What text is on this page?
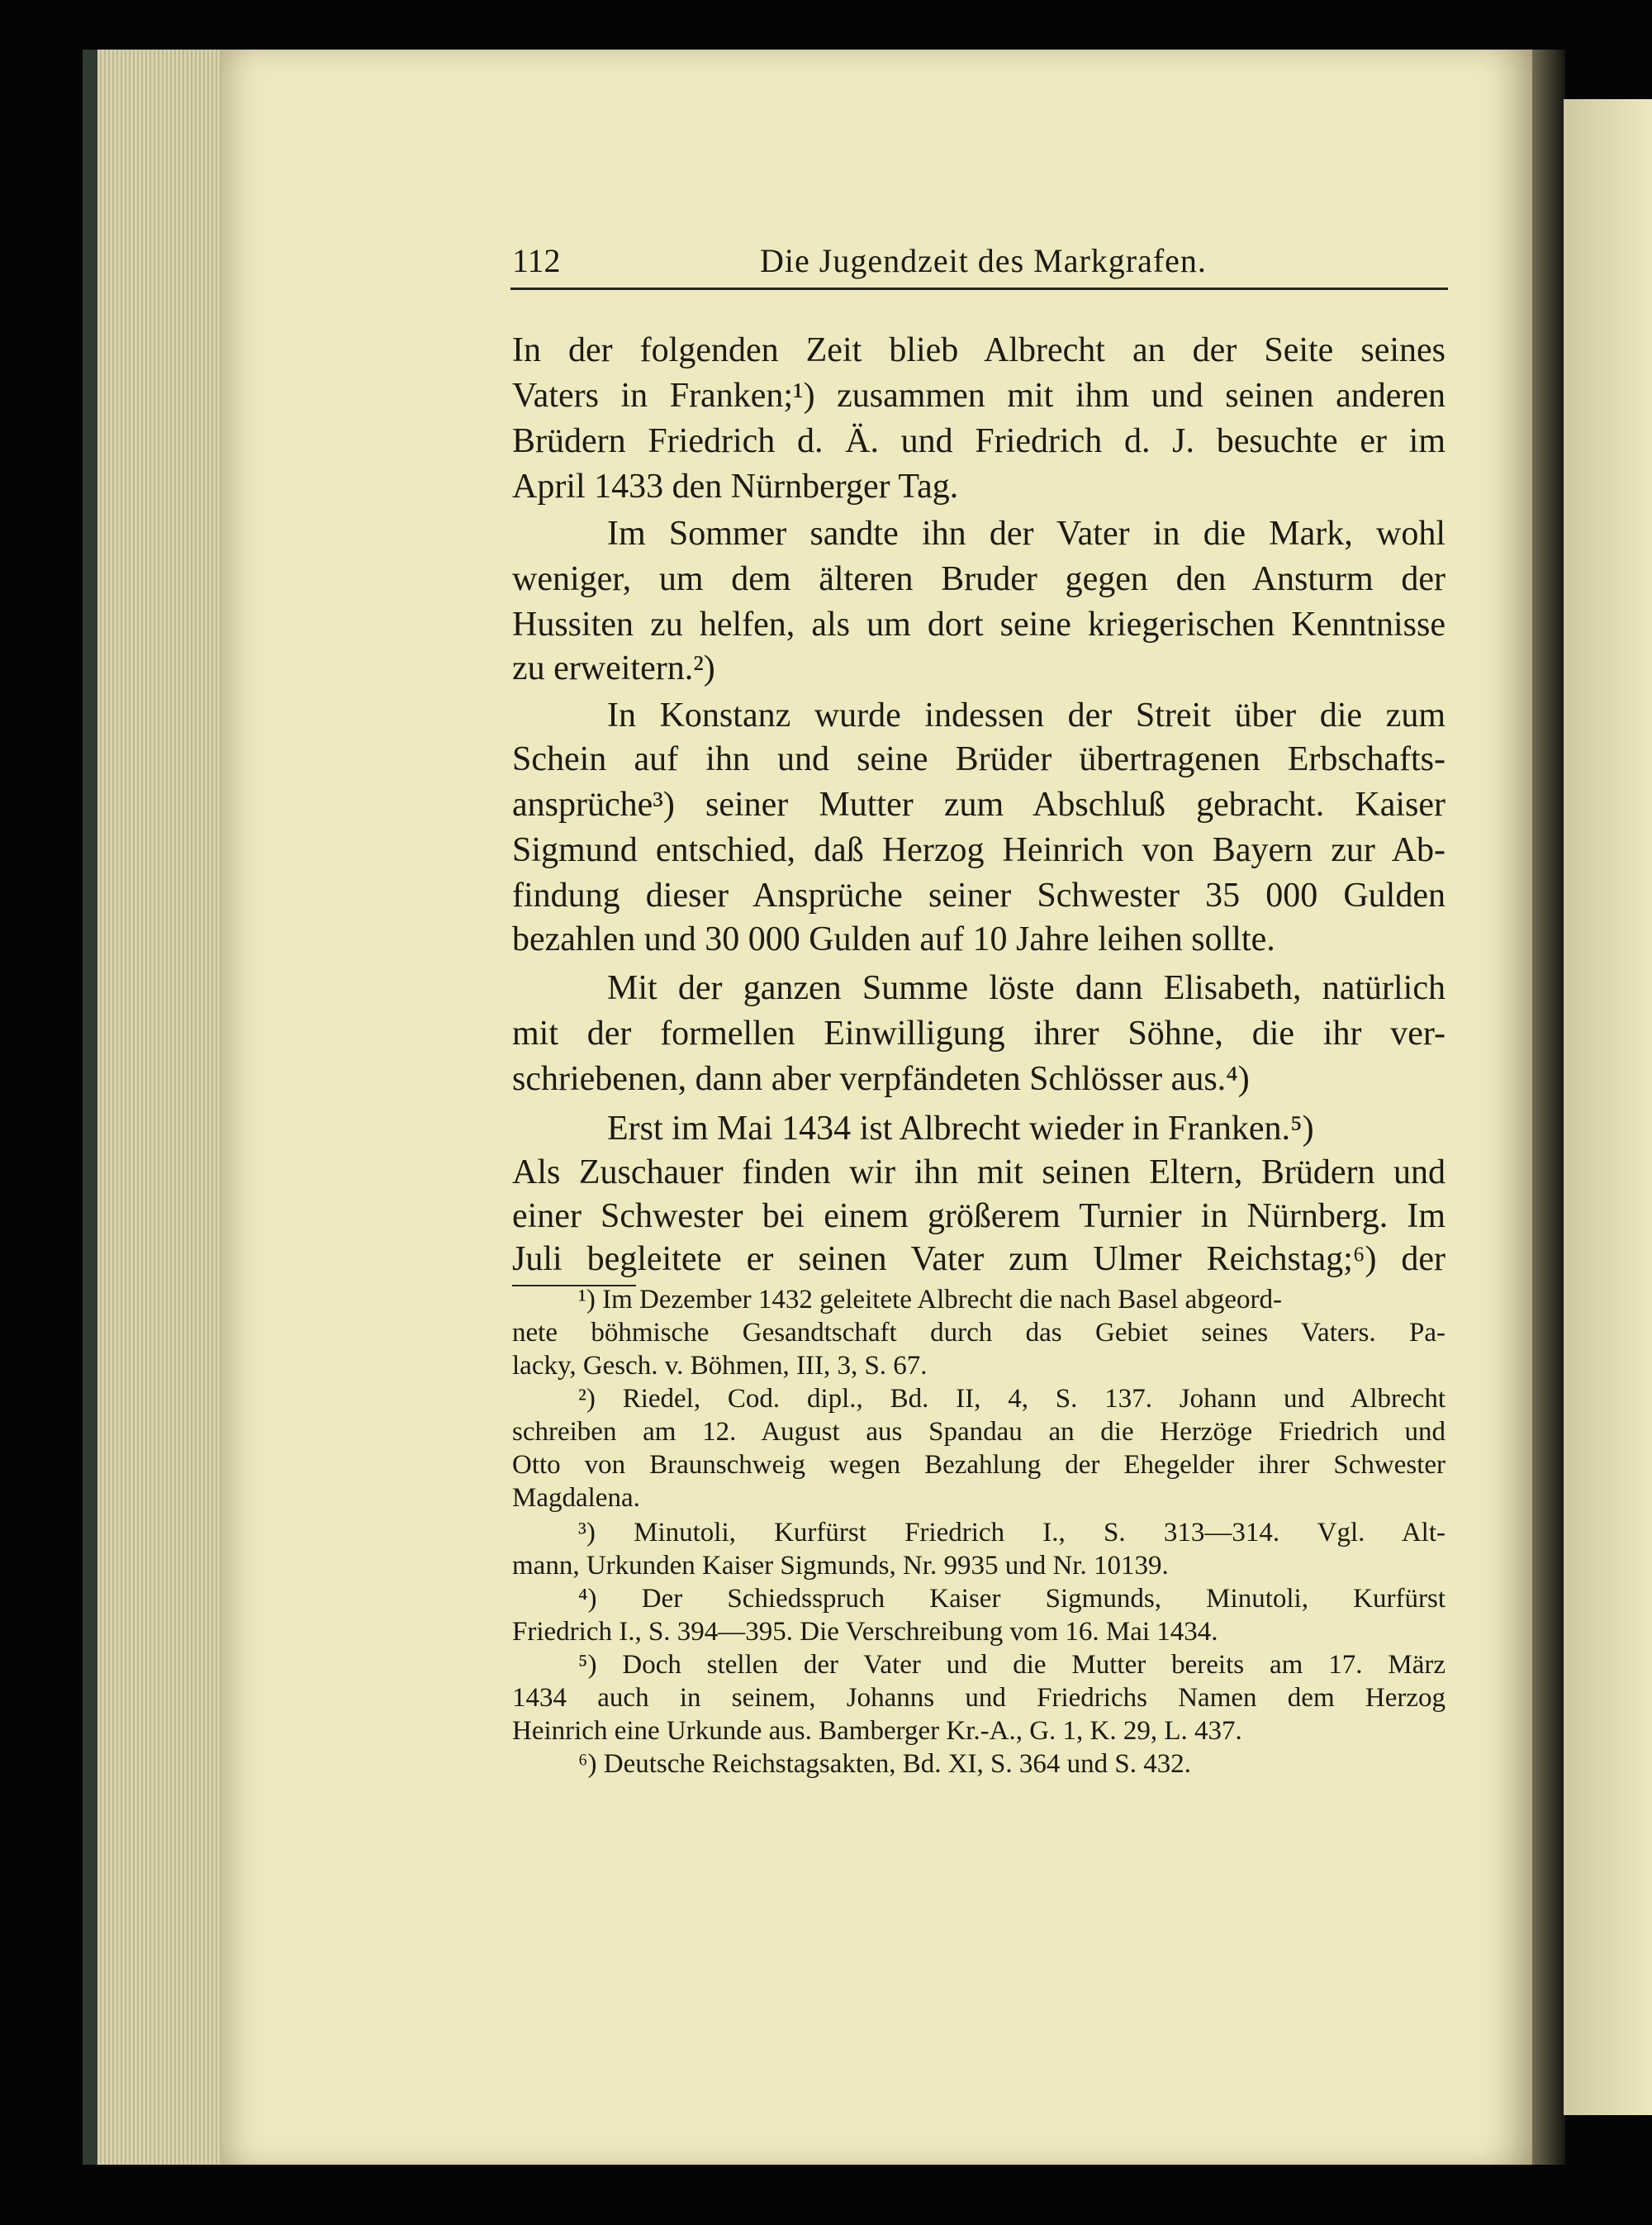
112	Die Jugendzeit des Markgrafen.
In der folgenden Zeit blieb Albrecht an der Seite seines
Vaters in Franken;¹) zusammen mit ihm und seinen anderen
Brüdern Friedrich d. Ä. und Friedrich d. J. besuchte er im
April 1433 den Nürnberger Tag.
Im Sommer sandte ihn der Vater in die Mark, wohl
weniger, um dem älteren Bruder gegen den Ansturm der
Hussiten zu helfen, als um dort seine kriegerischen Kenntnisse
zu erweitern.²)
In Konstanz wurde indessen der Streit über die zum
Schein auf ihn und seine Brüder übertragenen Erbschafts-
ansprüche³) seiner Mutter zum Abschluß gebracht. Kaiser
Sigmund entschied, daß Herzog Heinrich von Bayern zur Ab-
findung dieser Ansprüche seiner Schwester 35 000 Gulden
bezahlen und 30 000 Gulden auf 10 Jahre leihen sollte.
Mit der ganzen Summe löste dann Elisabeth, natürlich
mit der formellen Einwilligung ihrer Söhne, die ihr ver-
schriebenen, dann aber verpfändeten Schlösser aus.⁴)
Erst im Mai 1434 ist Albrecht wieder in Franken.⁵)
Als Zuschauer finden wir ihn mit seinen Eltern, Brüdern und
einer Schwester bei einem größerem Turnier in Nürnberg. Im
Juli begleitete er seinen Vater zum Ulmer Reichstag;⁶) der
¹) Im Dezember 1432 geleitete Albrecht die nach Basel abgeord-
nete böhmische Gesandtschaft durch das Gebiet seines Vaters. Pa-
lacky, Gesch. v. Böhmen, III, 3, S. 67.
²) Riedel, Cod. dipl., Bd. II, 4, S. 137. Johann und Albrecht
schreiben am 12. August aus Spandau an die Herzöge Friedrich und
Otto von Braunschweig wegen Bezahlung der Ehegelder ihrer Schwester
Magdalena.
³) Minutoli, Kurfürst Friedrich I., S. 313—314. Vgl. Alt-
mann, Urkunden Kaiser Sigmunds, Nr. 9935 und Nr. 10139.
⁴) Der Schiedsspruch Kaiser Sigmunds, Minutoli, Kurfürst
Friedrich I., S. 394—395. Die Verschreibung vom 16. Mai 1434.
⁵) Doch stellen der Vater und die Mutter bereits am 17. März
1434 auch in seinem, Johanns und Friedrichs Namen dem Herzog
Heinrich eine Urkunde aus. Bamberger Kr.-A., G. 1, K. 29, L. 437.
⁶) Deutsche Reichstagsakten, Bd. XI, S. 364 und S. 432.
